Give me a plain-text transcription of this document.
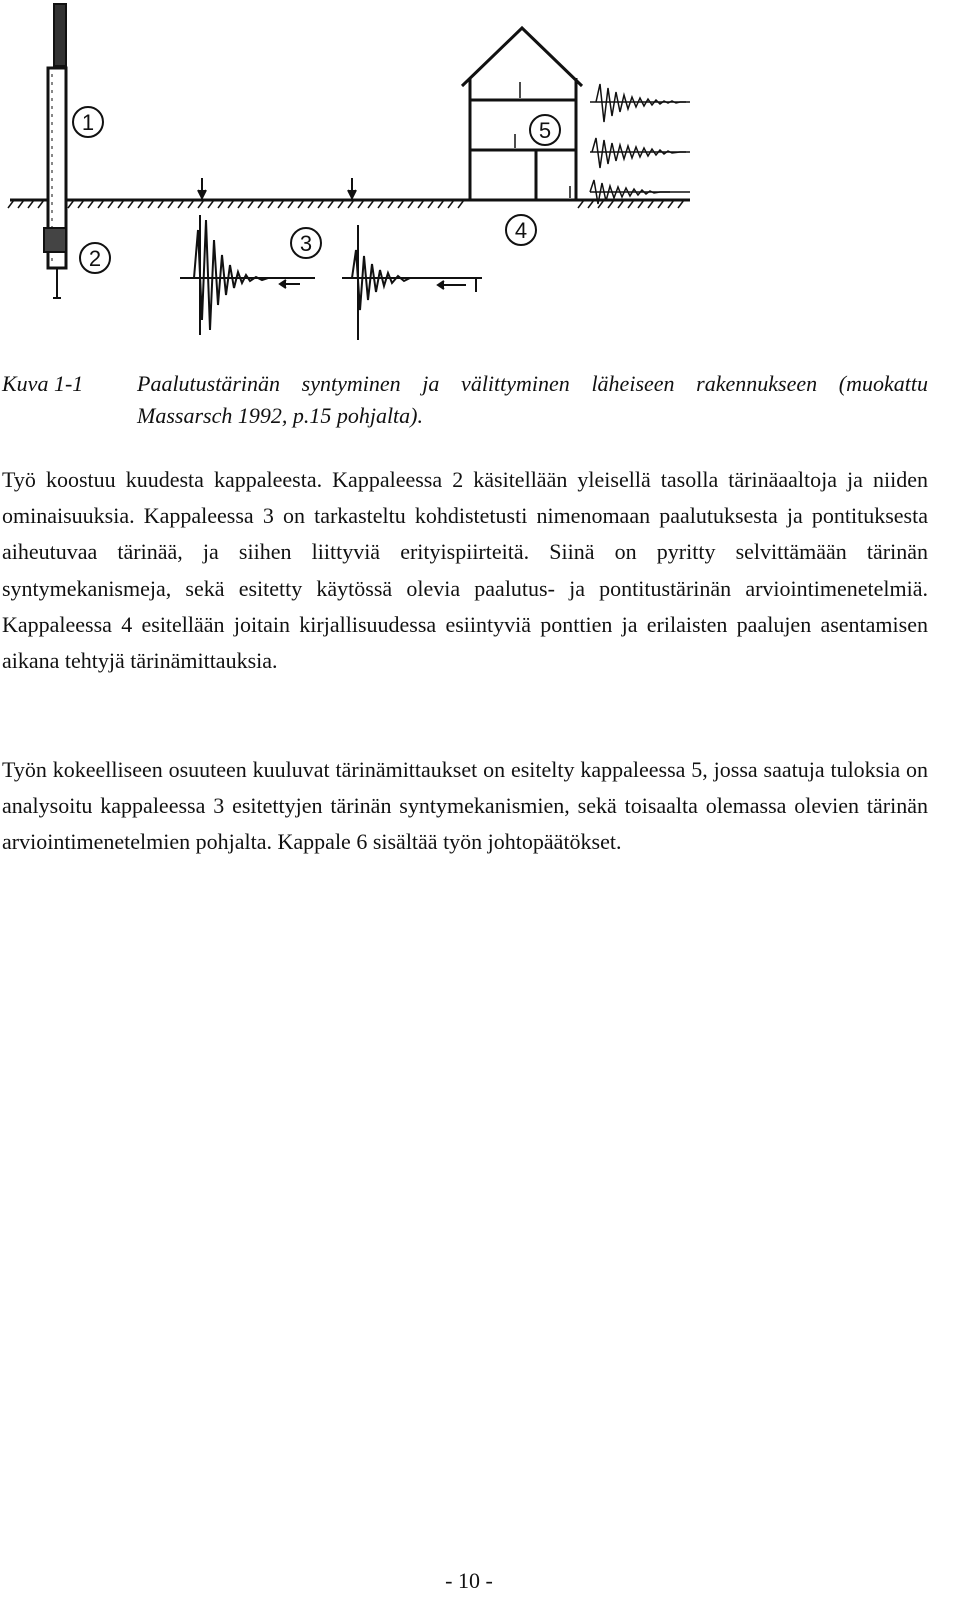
1
2
3
4
5
Kuva 1-1	Paalutustärinän syntyminen ja välittyminen läheiseen rakennukseen (muokattu Massarsch 1992, p.15 pohjalta).

Työ koostuu kuudesta kappaleesta. Kappaleessa 2 käsitellään yleisellä tasolla tärinäaaltoja ja niiden ominaisuuksia. Kappaleessa 3 on tarkasteltu kohdistetusti nimenomaan paalutuksesta ja pontituksesta aiheutuvaa tärinää, ja siihen liittyviä erityispiirteitä. Siinä on pyritty selvittämään tärinän syntymekanismeja, sekä esitetty käytössä olevia paalutus- ja pontitustärinän arviointimenetelmiä. Kappaleessa 4 esitellään joitain kirjallisuudessa esiintyviä ponttien ja erilaisten paalujen asentamisen aikana tehtyjä tärinämittauksia.

Työn kokeelliseen osuuteen kuuluvat tärinämittaukset on esitelty kappaleessa 5, jossa saatuja tuloksia on analysoitu kappaleessa 3 esitettyjen tärinän syntymekanismien, sekä toisaalta olemassa olevien tärinän arviointimenetelmien pohjalta. Kappale 6 sisältää työn johtopäätökset.

- 10 -
